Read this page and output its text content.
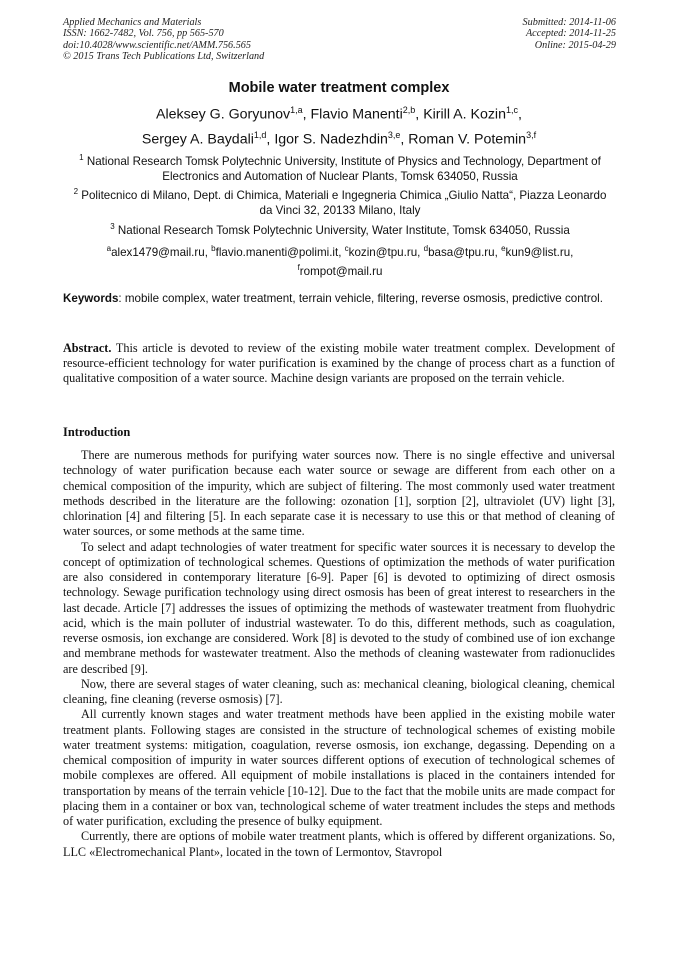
Applied Mechanics and Materials
ISSN: 1662-7482, Vol. 756, pp 565-570
doi:10.4028/www.scientific.net/AMM.756.565
© 2015 Trans Tech Publications Ltd, Switzerland
Submitted: 2014-11-06
Accepted: 2014-11-25
Online: 2015-04-29
Mobile water treatment complex
Aleksey G. Goryunov$^{1,a}$, Flavio Manenti$^{2,b}$, Kirill A. Kozin$^{1,c}$,
Sergey A. Baydali$^{1,d}$, Igor S. Nadezhdin$^{3,e}$, Roman V. Potemin$^{3,f}$
$^1$ National Research Tomsk Polytechnic University, Institute of Physics and Technology, Department of Electronics and Automation of Nuclear Plants, Tomsk 634050, Russia
$^2$ Politecnico di Milano, Dept. di Chimica, Materiali e Ingegneria Chimica „Giulio Natta“, Piazza Leonardo da Vinci 32, 20133 Milano, Italy
$^3$ National Research Tomsk Polytechnic University, Water Institute, Tomsk 634050, Russia
$^a$alex1479@mail.ru, $^b$flavio.manenti@polimi.it, $^c$kozin@tpu.ru, $^d$basa@tpu.ru, $^e$kun9@list.ru,
$^f$rompot@mail.ru
Keywords: mobile complex, water treatment, terrain vehicle, filtering, reverse osmosis, predictive control.
Abstract. This article is devoted to review of the existing mobile water treatment complex. Development of resource-efficient technology for water purification is examined by the change of process chart as a function of qualitative composition of a water source. Machine design variants are proposed on the terrain vehicle.
Introduction

There are numerous methods for purifying water sources now. There is no single effective and universal technology of water purification because each water source or sewage are different from each other on a chemical composition of the impurity, which are subject of filtering. The most commonly used water treatment methods described in the literature are the following: ozonation [1], sorption [2], ultraviolet (UV) light [3], chlorination [4] and filtering [5]. In each separate case it is necessary to use this or that method of cleaning of water sources, or some methods at the same time.

To select and adapt technologies of water treatment for specific water sources it is necessary to develop the concept of optimization of technological schemes. Questions of optimization the methods of water purification are also considered in contemporary literature [6-9]. Paper [6] is devoted to optimizing of direct osmosis technology. Sewage purification technology using direct osmosis has been of great interest to researchers in the last decade. Article [7] addresses the issues of optimizing the methods of wastewater treatment from fluohydric acid, which is the main polluter of industrial wastewater. To do this, different methods, such as coagulation, reverse osmosis, ion exchange are considered. Work [8] is devoted to the study of combined use of ion exchange and membrane methods for wastewater treatment. Also the methods of cleaning wastewater from radionuclides are described [9].

Now, there are several stages of water cleaning, such as: mechanical cleaning, biological cleaning, chemical cleaning, fine cleaning (reverse osmosis) [7].

All currently known stages and water treatment methods have been applied in the existing mobile water treatment plants. Following stages are consisted in the structure of technological schemes of existing mobile water treatment systems: mitigation, coagulation, reverse osmosis, ion exchange, degassing. Depending on a chemical composition of impurity in water sources different options of execution of technological schemes of mobile complexes are offered. All equipment of mobile installations is placed in the containers intended for transportation by means of the terrain vehicle [10-12]. Due to the fact that the mobile units are made compact for placing them in a container or box van, technological scheme of water treatment includes the steps and methods of water purification, excluding the presence of bulky equipment.

Currently, there are options of mobile water treatment plants, which is offered by different organizations. So, LLC «Electromechanical Plant», located in the town of Lermontov, Stavropol
